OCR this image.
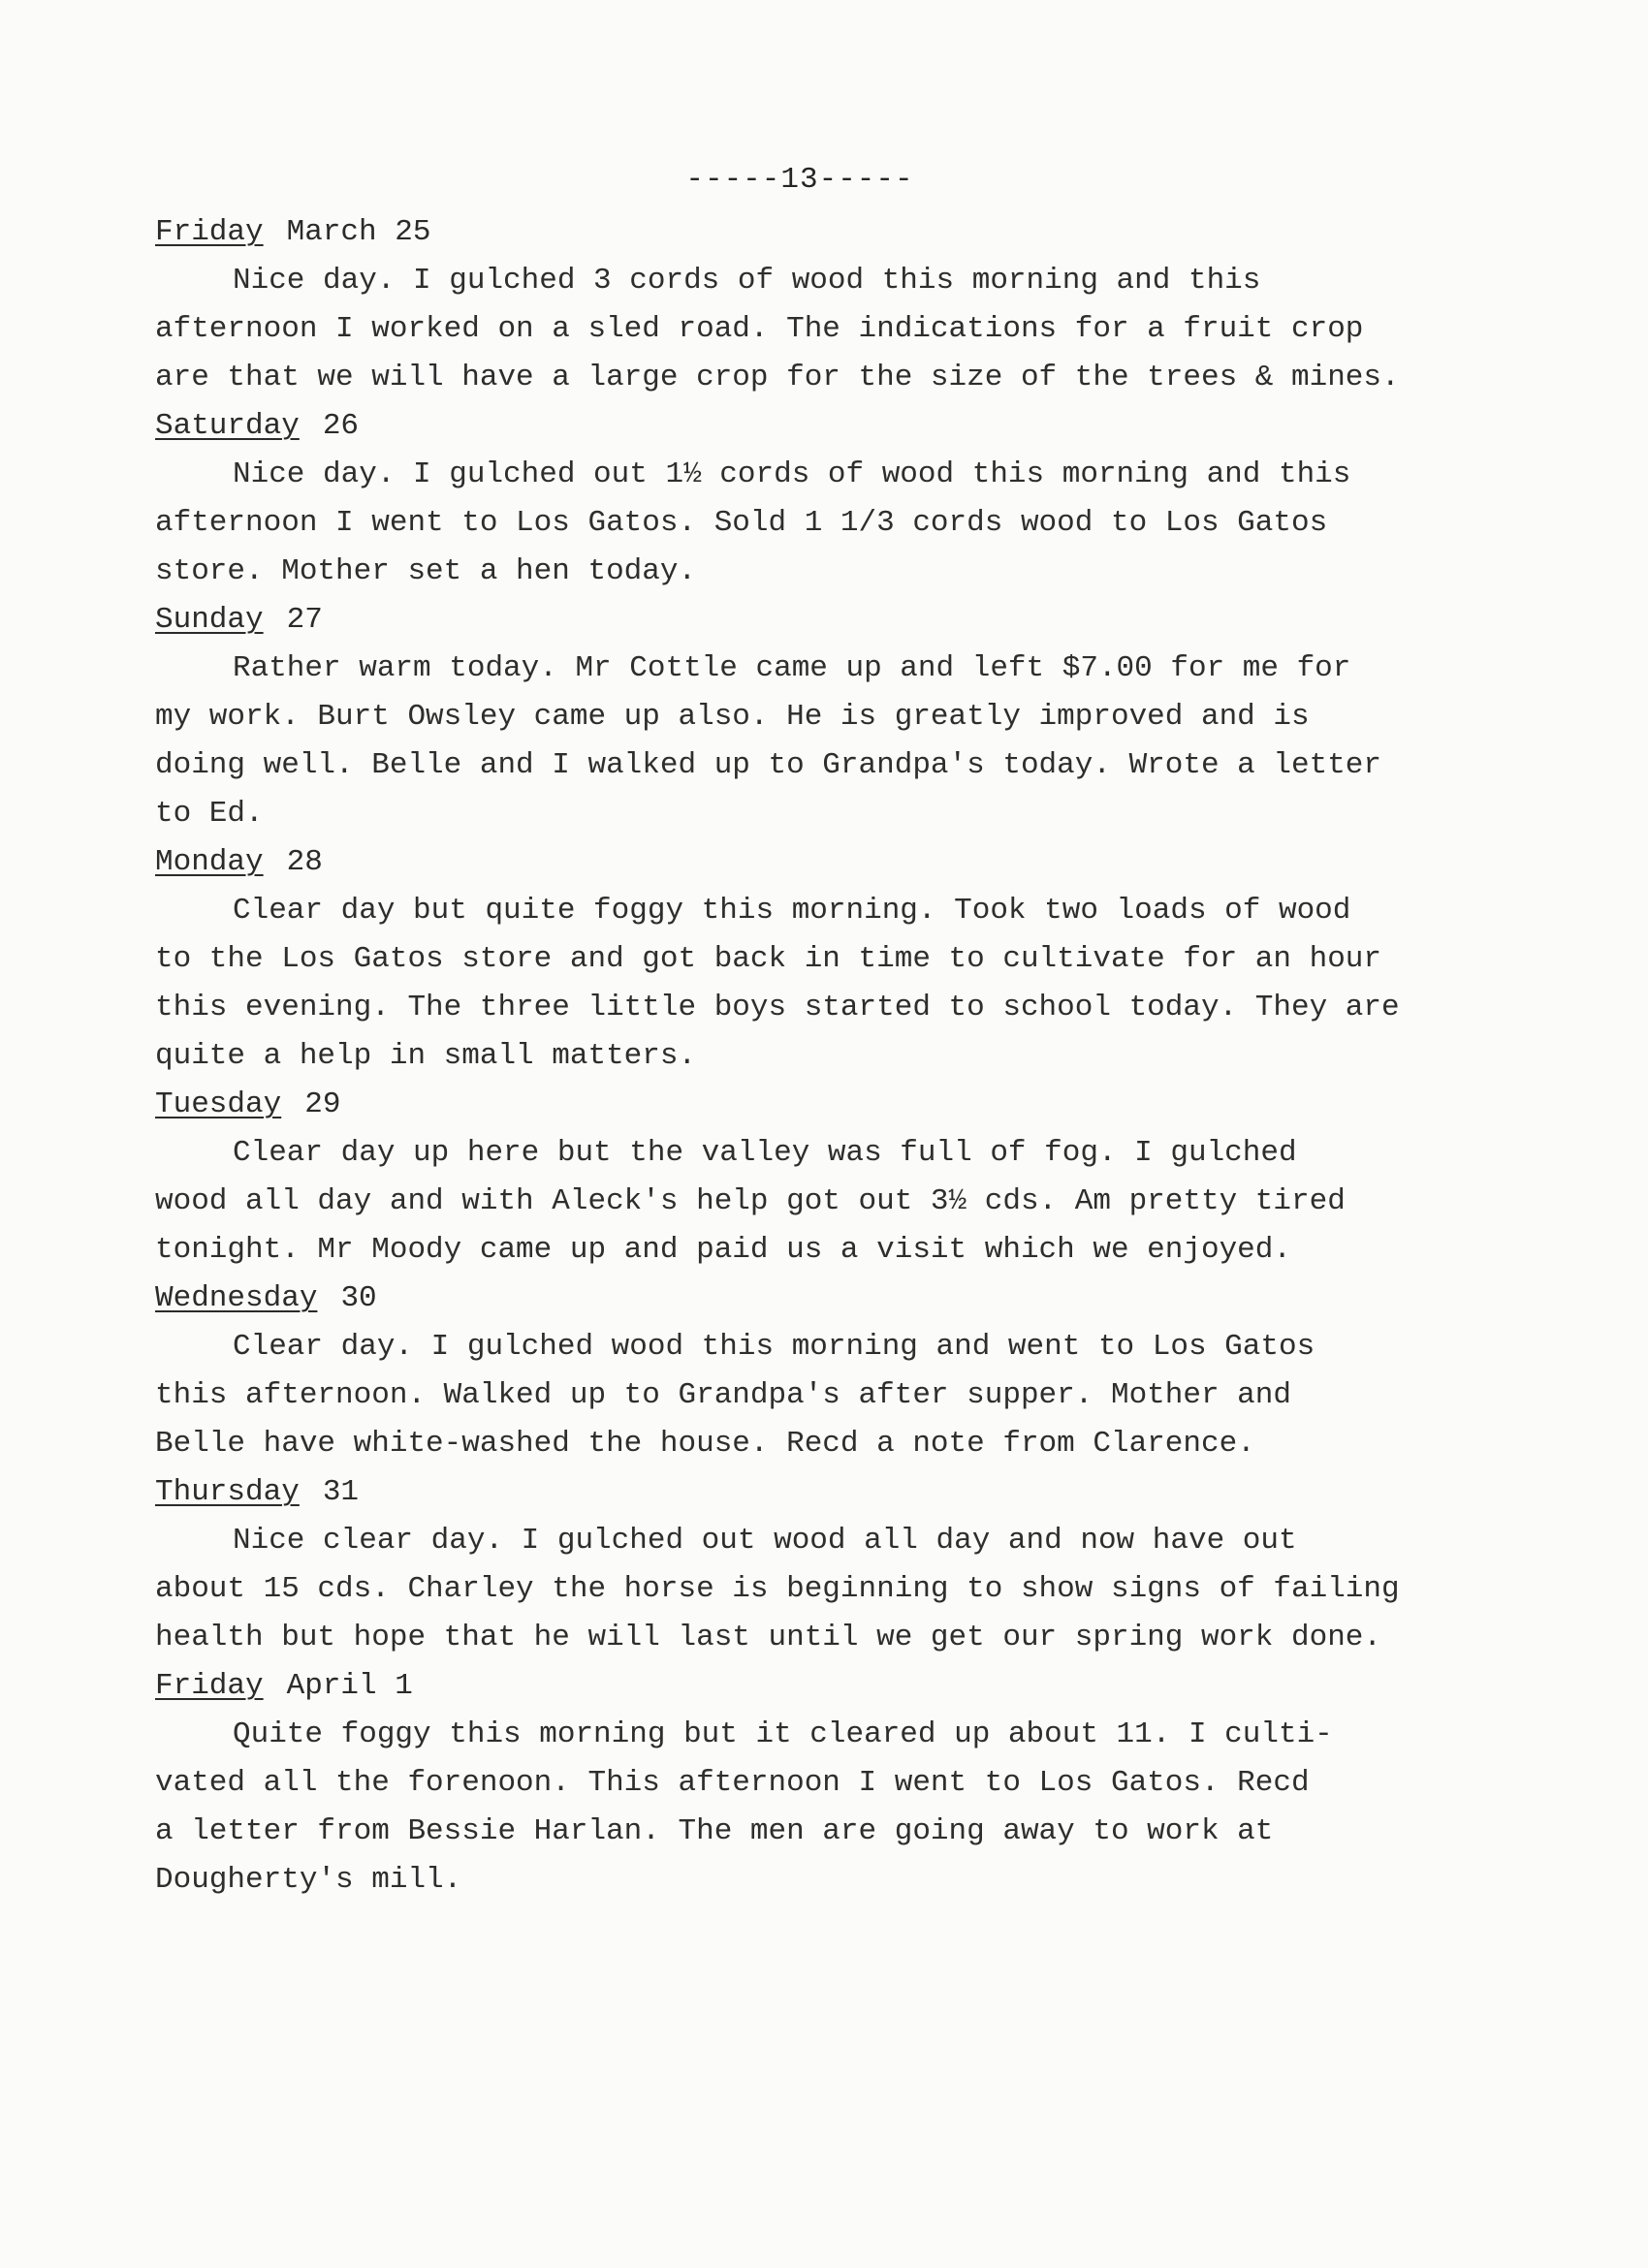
-----13-----
Friday March 25
Nice day. I gulched 3 cords of wood this morning and this
afternoon I worked on a sled road. The indications for a fruit crop
are that we will have a large crop for the size of the trees & mines.
Saturday 26
Nice day. I gulched out 1½ cords of wood this morning and this
afternoon I went to Los Gatos. Sold 1 1/3 cords wood to Los Gatos
store. Mother set a hen today.
Sunday 27
Rather warm today. Mr Cottle came up and left $7.00 for me for
my work. Burt Owsley came up also. He is greatly improved and is
doing well. Belle and I walked up to Grandpa's today. Wrote a letter
to Ed.
Monday 28
Clear day but quite foggy this morning. Took two loads of wood
to the Los Gatos store and got back in time to cultivate for an hour
this evening. The three little boys started to school today. They are
quite a help in small matters.
Tuesday 29
Clear day up here but the valley was full of fog. I gulched
wood all day and with Aleck's help got out 3½ cds. Am pretty tired
tonight. Mr Moody came up and paid us a visit which we enjoyed.
Wednesday 30
Clear day. I gulched wood this morning and went to Los Gatos
this afternoon. Walked up to Grandpa's after supper. Mother and
Belle have white-washed the house. Recd a note from Clarence.
Thursday 31
Nice clear day. I gulched out wood all day and now have out
about 15 cds. Charley the horse is beginning to show signs of failing
health but hope that he will last until we get our spring work done.
Friday April 1
Quite foggy this morning but it cleared up about 11. I culti-
vated all the forenoon. This afternoon I went to Los Gatos. Recd
a letter from Bessie Harlan. The men are going away to work at
Dougherty's mill.
